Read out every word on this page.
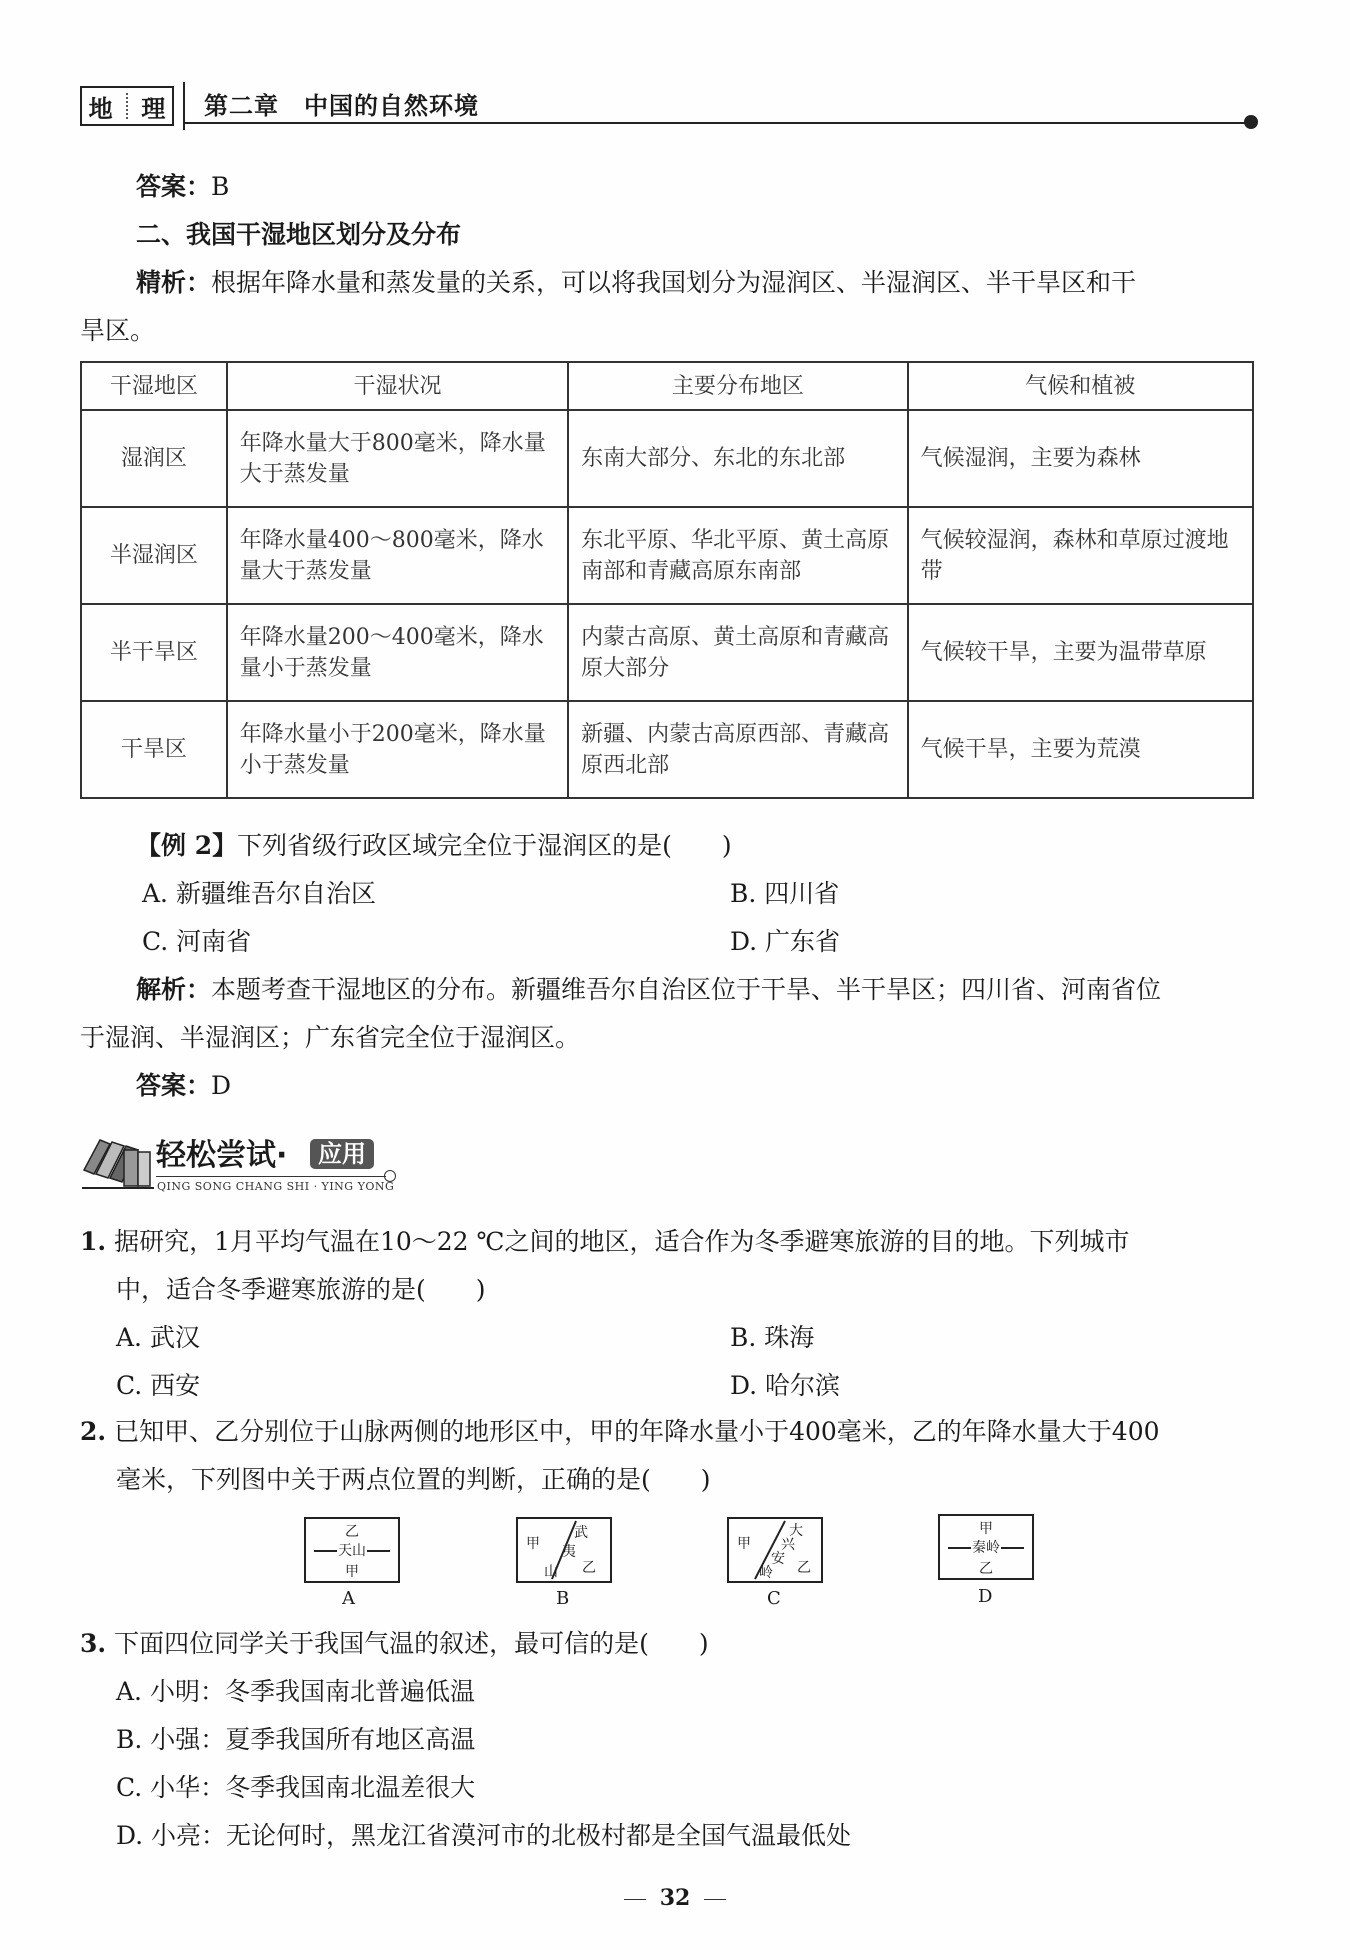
地 理 第二章　中国的自然环境
答案：B
二、我国干湿地区划分及分布
精析：根据年降水量和蒸发量的关系，可以将我国划分为湿润区、半湿润区、半干旱区和干
旱区。
干湿地区	干湿状况	主要分布地区	气候和植被
湿润区	年降水量大于800毫米，降水量大于蒸发量	东南大部分、东北的东北部	气候湿润，主要为森林
半湿润区	年降水量400～800毫米，降水量大于蒸发量	东北平原、华北平原、黄土高原南部和青藏高原东南部	气候较湿润，森林和草原过渡地带
半干旱区	年降水量200～400毫米，降水量小于蒸发量	内蒙古高原、黄土高原和青藏高原大部分	气候较干旱，主要为温带草原
干旱区	年降水量小于200毫米，降水量小于蒸发量	新疆、内蒙古高原西部、青藏高原西北部	气候干旱，主要为荒漠
【例 2】下列省级行政区域完全位于湿润区的是(　　)
A. 新疆维吾尔自治区	B. 四川省
C. 河南省	D. 广东省
解析：本题考查干湿地区的分布。新疆维吾尔自治区位于干旱、半干旱区；四川省、河南省位
于湿润、半湿润区；广东省完全位于湿润区。
答案：D
轻松尝试·	应用
QING SONG CHANG SHI · YING YONG
1. 据研究，1月平均气温在10～22 ℃之间的地区，适合作为冬季避寒旅游的目的地。下列城市
中，适合冬季避寒旅游的是(　　)
A. 武汉	B. 珠海
C. 西安	D. 哈尔滨
2. 已知甲、乙分别位于山脉两侧的地形区中，甲的年降水量小于400毫米，乙的年降水量大于400
毫米，下列图中关于两点位置的判断，正确的是(　　)
乙
天山
甲
A
甲
武
夷
山 乙
B
甲
大
兴
安
岭 乙
C
甲
秦岭
乙
D
3. 下面四位同学关于我国气温的叙述，最可信的是(　　)
A. 小明：冬季我国南北普遍低温
B. 小强：夏季我国所有地区高温
C. 小华：冬季我国南北温差很大
D. 小亮：无论何时，黑龙江省漠河市的北极村都是全国气温最低处
32
